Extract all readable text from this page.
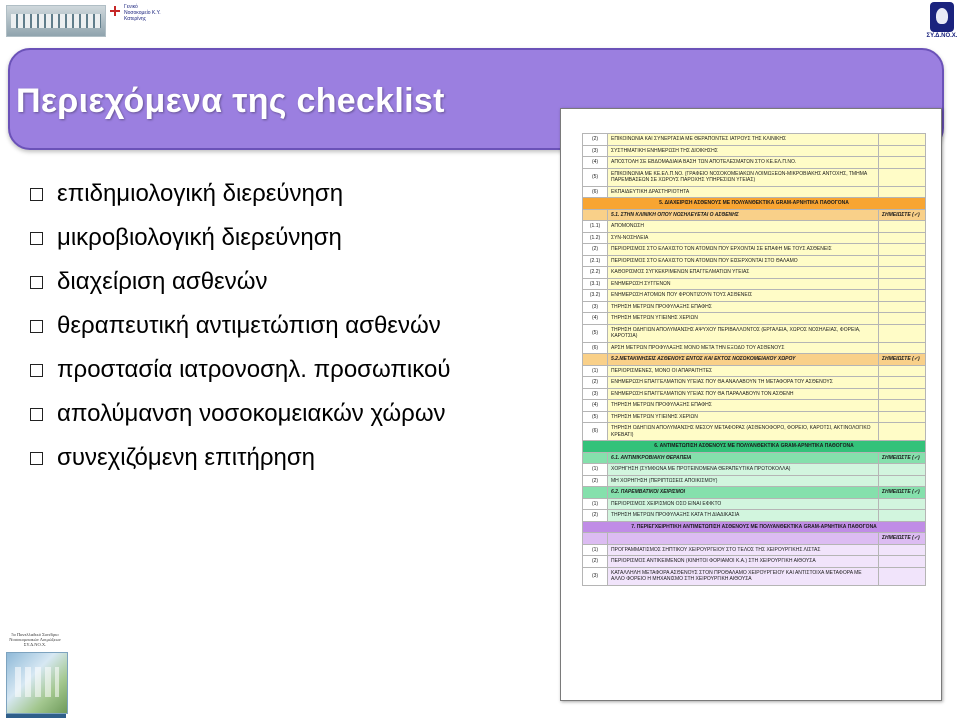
Γενικό Νοσοκομείο Κ.Υ. Κατερίνης
ΣΥ.Δ.ΝΟ.Χ.
Περιεχόμενα της checklist
επιδημιολογική διερεύνηση
μικροβιολογική διερεύνηση
διαχείριση ασθενών
θεραπευτική αντιμετώπιση ασθενών
προστασία ιατρονοσηλ. προσωπικού
απολύμανση νοσοκομειακών χώρων
συνεχιζόμενη επιτήρηση
(2)	ΕΠΙΚΟΙΝΩΝΙΑ ΚΑΙ ΣΥΝΕΡΓΑΣΙΑ ΜΕ ΘΕΡΑΠΟΝΤΕΣ ΙΑΤΡΟΥΣ ΤΗΣ ΚΛΙΝΙΚΗΣ	
(3)	ΣΥΣΤΗΜΑΤΙΚΗ ΕΝΗΜΕΡΩΣΗ ΤΗΣ ΔΙΟΙΚΗΣΗΣ	
(4)	ΑΠΟΣΤΟΛΗ ΣΕ ΕΒΔΟΜΑΔΙΑΙΑ ΒΑΣΗ ΤΩΝ ΑΠΟΤΕΛΕΣΜΑΤΩΝ ΣΤΟ ΚΕ.ΕΛ.Π.ΝΟ.	
(5)	ΕΠΙΚΟΙΝΩΝΙΑ ΜΕ ΚΕ.ΕΛ.Π.ΝΟ. (ΓΡΑΦΕΙΟ ΝΟΣΟΚΟΜΕΙΑΚΩΝ ΛΟΙΜΩΞΕΩΝ-ΜΙΚΡΟΒΙΑΚΗΣ ΑΝΤΟΧΗΣ, ΤΜΗΜΑ ΠΑΡΕΜΒΑΣΕΩΝ ΣΕ ΧΩΡΟΥΣ ΠΑΡΟΧΗΣ ΥΠΗΡΕΣΙΩΝ ΥΓΕΙΑΣ)	
(6)	ΕΚΠΑΙΔΕΥΤΙΚΗ ΔΡΑΣΤΗΡΙΟΤΗΤΑ	
5. ΔΙΑΧΕΙΡΙΣΗ ΑΣΘΕΝΟΥΣ ΜΕ ΠΟΛΥΑΝΘΕΚΤΙΚΑ GRAM-ΑΡΝΗΤΙΚΑ ΠΑΘΟΓΟΝΑ		
	5.1. ΣΤΗΝ ΚΛΙΝΙΚΗ ΟΠΟΥ ΝΟΣΗΛΕΥΕΤΑΙ Ο ΑΣΘΕΝΗΣ	ΣΗΜΕΙΩΣΤΕ (✓)
(1.1)	ΑΠΟΜΟΝΩΣΗ	
(1.2)	ΣΥΝ-ΝΟΣΗΛΕΙΑ	
(2)	ΠΕΡΙΟΡΙΣΜΟΣ ΣΤΟ ΕΛΑΧΙΣΤΟ ΤΩΝ ΑΤΟΜΩΝ ΠΟΥ ΕΡΧΟΝΤΑΙ ΣΕ ΕΠΑΦΗ ΜΕ ΤΟΥΣ ΑΣΘΕΝΕΙΣ	
(2.1)	ΠΕΡΙΟΡΙΣΜΟΣ ΣΤΟ ΕΛΑΧΙΣΤΟ ΤΩΝ ΑΤΟΜΩΝ ΠΟΥ ΕΙΣΕΡΧΟΝΤΑΙ ΣΤΟ ΘΑΛΑΜΟ	
(2.2)	ΚΑΘΟΡΙΣΜΟΣ ΣΥΓΚΕΚΡΙΜΕΝΩΝ ΕΠΑΓΓΕΛΜΑΤΙΩΝ ΥΓΕΙΑΣ	
(3.1)	ΕΝΗΜΕΡΩΣΗ ΣΥΓΓΕΝΩΝ	
(3.2)	ΕΝΗΜΕΡΩΣΗ ΑΤΟΜΩΝ ΠΟΥ ΦΡΟΝΤΙΖΟΥΝ ΤΟΥΣ ΑΣΘΕΝΕΙΣ	
(3)	ΤΗΡΗΣΗ ΜΕΤΡΩΝ ΠΡΟΦΥΛΑΞΗΣ ΕΠΑΦΗΣ	
(4)	ΤΗΡΗΣΗ ΜΕΤΡΩΝ ΥΓΙΕΙΝΗΣ ΧΕΡΙΩΝ	
(5)	ΤΗΡΗΣΗ ΟΔΗΓΙΩΝ ΑΠΟΛΥΜΑΝΣΗΣ ΑΨΥΧΟΥ ΠΕΡΙΒΑΛΛΟΝΤΟΣ (ΕΡΓΑΛΕΙΑ, ΧΩΡΟΣ ΝΟΣΗΛΕΙΑΣ, ΦΟΡΕΙΑ, ΚΑΡΟΤΣΙΑ)	
(6)	ΑΡΣΗ ΜΕΤΡΩΝ ΠΡΟΦΥΛΑΞΗΣ ΜΟΝΟ ΜΕΤΑ ΤΗΝ ΕΞΟΔΟ ΤΟΥ ΑΣΘΕΝΟΥΣ	
	5.2.ΜΕΤΑΚΙΝΗΣΕΙΣ ΑΣΘΕΝΟΥΣ ΕΝΤΟΣ ΚΑΙ ΕΚΤΟΣ ΝΟΣΟΚΟΜΕΙΑΚΟΥ ΧΩΡΟΥ	ΣΗΜΕΙΩΣΤΕ (✓)
(1)	ΠΕΡΙΟΡΙΣΜΕΝΕΣ, ΜΟΝΟ ΟΙ ΑΠΑΡΑΙΤΗΤΕΣ	
(2)	ΕΝΗΜΕΡΩΣΗ ΕΠΑΓΓΕΛΜΑΤΙΩΝ ΥΓΕΙΑΣ ΠΟΥ ΘΑ ΑΝΑΛΑΒΟΥΝ ΤΗ ΜΕΤΑΦΟΡΑ ΤΟΥ ΑΣΘΕΝΟΥΣ	
(3)	ΕΝΗΜΕΡΩΣΗ ΕΠΑΓΓΕΛΜΑΤΙΩΝ ΥΓΕΙΑΣ ΠΟΥ ΘΑ ΠΑΡΑΛΑΒΟΥΝ ΤΟΝ ΑΣΘΕΝΗ	
(4)	ΤΗΡΗΣΗ ΜΕΤΡΩΝ ΠΡΟΦΥΛΑΞΗΣ ΕΠΑΦΗΣ	
(5)	ΤΗΡΗΣΗ ΜΕΤΡΩΝ ΥΓΙΕΙΝΗΣ ΧΕΡΙΩΝ	
(6)	ΤΗΡΗΣΗ ΟΔΗΓΙΩΝ ΑΠΟΛΥΜΑΝΣΗΣ ΜΕΣΟΥ ΜΕΤΑΦΟΡΑΣ (ΑΣΘΕΝΟΦΟΡΟ, ΦΟΡΕΙΟ, ΚΑΡΟΤΣΙ, ΑΚΤΙΝΟΛΟΓΙΚΟ ΚΡΕΒΑΤΙ)	
6. ΑΝΤΙΜΕΤΩΠΙΣΗ ΑΣΘΕΝΟΥΣ ΜΕ ΠΟΛΥΑΝΘΕΚΤΙΚΑ GRAM-ΑΡΝΗΤΙΚΑ ΠΑΘΟΓΟΝΑ		
	6.1. ΑΝΤΙΜΙΚΡΟΒΙΑΚΗ ΘΕΡΑΠΕΙΑ	ΣΗΜΕΙΩΣΤΕ (✓)
(1)	ΧΟΡΗΓΗΣΗ (ΣΥΜΦΩΝΑ ΜΕ ΠΡΟΤΕΙΝΟΜΕΝΑ ΘΕΡΑΠΕΥΤΙΚΑ ΠΡΩΤΟΚΟΛΛΑ)	
(2)	ΜΗ ΧΟΡΗΓΗΣΗ (ΠΕΡΙΠΤΩΣΕΙΣ ΑΠΟΙΚΙΣΜΟΥ)	
	6.2. ΠΑΡΕΜΒΑΤΙΚΟΙ ΧΕΙΡΙΣΜΟΙ	ΣΗΜΕΙΩΣΤΕ (✓)
(1)	ΠΕΡΙΟΡΙΣΜΟΣ ΧΕΙΡΙΣΜΩΝ ΟΣΟ ΕΙΝΑΙ ΕΦΙΚΤΟ	
(2)	ΤΗΡΗΣΗ ΜΕΤΡΩΝ ΠΡΟΦΥΛΑΞΗΣ ΚΑΤΑ ΤΗ ΔΙΑΔΙΚΑΣΙΑ	
7. ΠΕΡΙΕΓΧΕΙΡΗΤΙΚΗ ΑΝΤΙΜΕΤΩΠΙΣΗ ΑΣΘΕΝΟΥΣ ΜΕ ΠΟΛΥΑΝΘΕΚΤΙΚΑ GRAM-ΑΡΝΗΤΙΚΑ ΠΑΘΟΓΟΝΑ		
		ΣΗΜΕΙΩΣΤΕ (✓)
(1)	ΠΡΟΓΡΑΜΜΑΤΙΣΜΟΣ ΣΗΠΤΙΚΟΥ ΧΕΙΡΟΥΡΓΕΙΟΥ ΣΤΟ ΤΕΛΟΣ ΤΗΣ ΧΕΙΡΟΥΡΓΙΚΗΣ ΛΙΣΤΑΣ	
(2)	ΠΕΡΙΟΡΙΣΜΟΣ ΑΝΤΙΚΕΙΜΕΝΩΝ (ΚΙΝΗΤΟΙ ΦΟΡΙΑΜΟΙ Κ.Α.) ΣΤΗ ΧΕΙΡΟΥΡΓΙΚΗ ΑΙΘΟΥΣΑ	
(3)	ΚΑΤΑΛΛΗΛΗ ΜΕΤΑΦΟΡΑ ΑΣΘΕΝΟΥΣ ΣΤΟΝ ΠΡΟΘΑΛΑΜΟ ΧΕΙΡΟΥΡΓΕΙΟΥ ΚΑΙ ΑΝΤΙΣΤΟΙΧΑ ΜΕΤΑΦΟΡΑ ΜΕ ΑΛΛΟ ΦΟΡΕΙΟ Η ΜΗΧΑΝΙΣΜΟ ΣΤΗ ΧΕΙΡΟΥΡΓΙΚΗ ΑΙΘΟΥΣΑ	
5ο Πανελλαδικό Συνέδριο Νοσοκομειακών Λοιμώξεων ΣΥ.Δ.ΝΟ.Χ.
